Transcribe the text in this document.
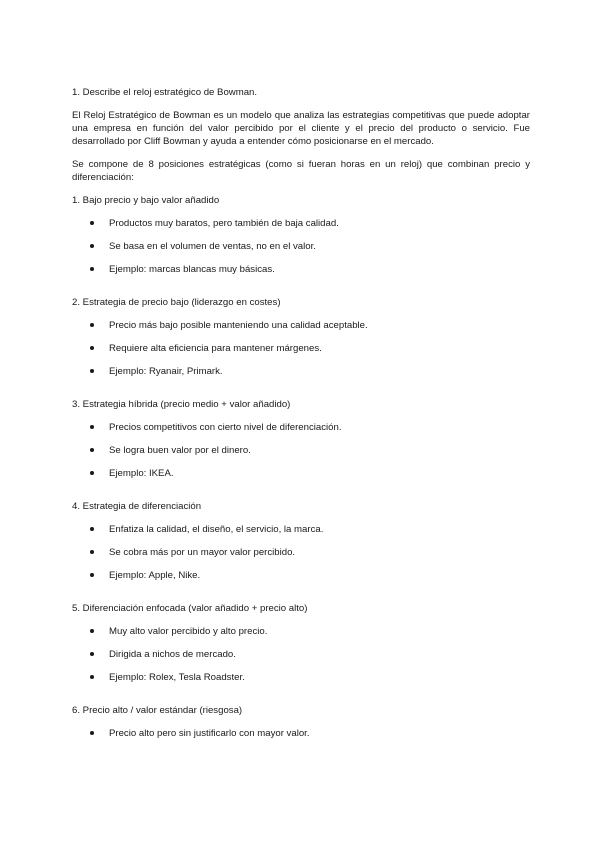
1. Describe el reloj estratégico de Bowman.

El Reloj Estratégico de Bowman es un modelo que analiza las estrategias competitivas que puede adoptar una empresa en función del valor percibido por el cliente y el precio del producto o servicio. Fue desarrollado por Cliff Bowman y ayuda a entender cómo posicionarse en el mercado.

Se compone de 8 posiciones estratégicas (como si fueran horas en un reloj) que combinan precio y diferenciación:

1. Bajo precio y bajo valor añadido

Productos muy baratos, pero también de baja calidad.
Se basa en el volumen de ventas, no en el valor.
Ejemplo: marcas blancas muy básicas.

2. Estrategia de precio bajo (liderazgo en costes)

Precio más bajo posible manteniendo una calidad aceptable.
Requiere alta eficiencia para mantener márgenes.
Ejemplo: Ryanair, Primark.

3. Estrategia híbrida (precio medio + valor añadido)

Precios competitivos con cierto nivel de diferenciación.
Se logra buen valor por el dinero.
Ejemplo: IKEA.

4. Estrategia de diferenciación

Enfatiza la calidad, el diseño, el servicio, la marca.
Se cobra más por un mayor valor percibido.
Ejemplo: Apple, Nike.

5. Diferenciación enfocada (valor añadido + precio alto)

Muy alto valor percibido y alto precio.
Dirigida a nichos de mercado.
Ejemplo: Rolex, Tesla Roadster.

6. Precio alto / valor estándar (riesgosa)

Precio alto pero sin justificarlo con mayor valor.
